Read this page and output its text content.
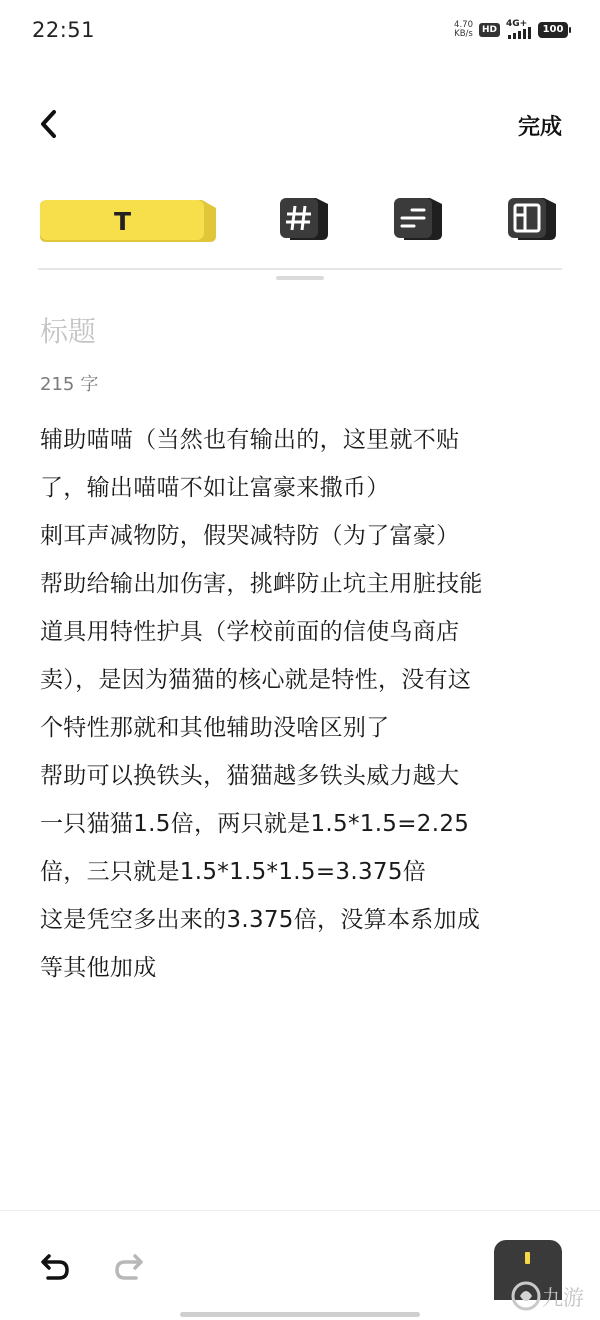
22:51	4.70
KB/s	HD
4G+	100
完成
T
标题
215 字
辅助喵喵（当然也有输出的，这里就不贴
了，输出喵喵不如让富豪来撒币）
刺耳声减物防，假哭减特防（为了富豪）
帮助给输出加伤害，挑衅防止坑主用脏技能
道具用特性护具（学校前面的信使鸟商店
卖），是因为猫猫的核心就是特性，没有这
个特性那就和其他辅助没啥区别了
帮助可以换铁头，猫猫越多铁头威力越大
一只猫猫1.5倍，两只就是1.5*1.5=2.25
倍，三只就是1.5*1.5*1.5=3.375倍
这是凭空多出来的3.375倍，没算本系加成
等其他加成
九游
